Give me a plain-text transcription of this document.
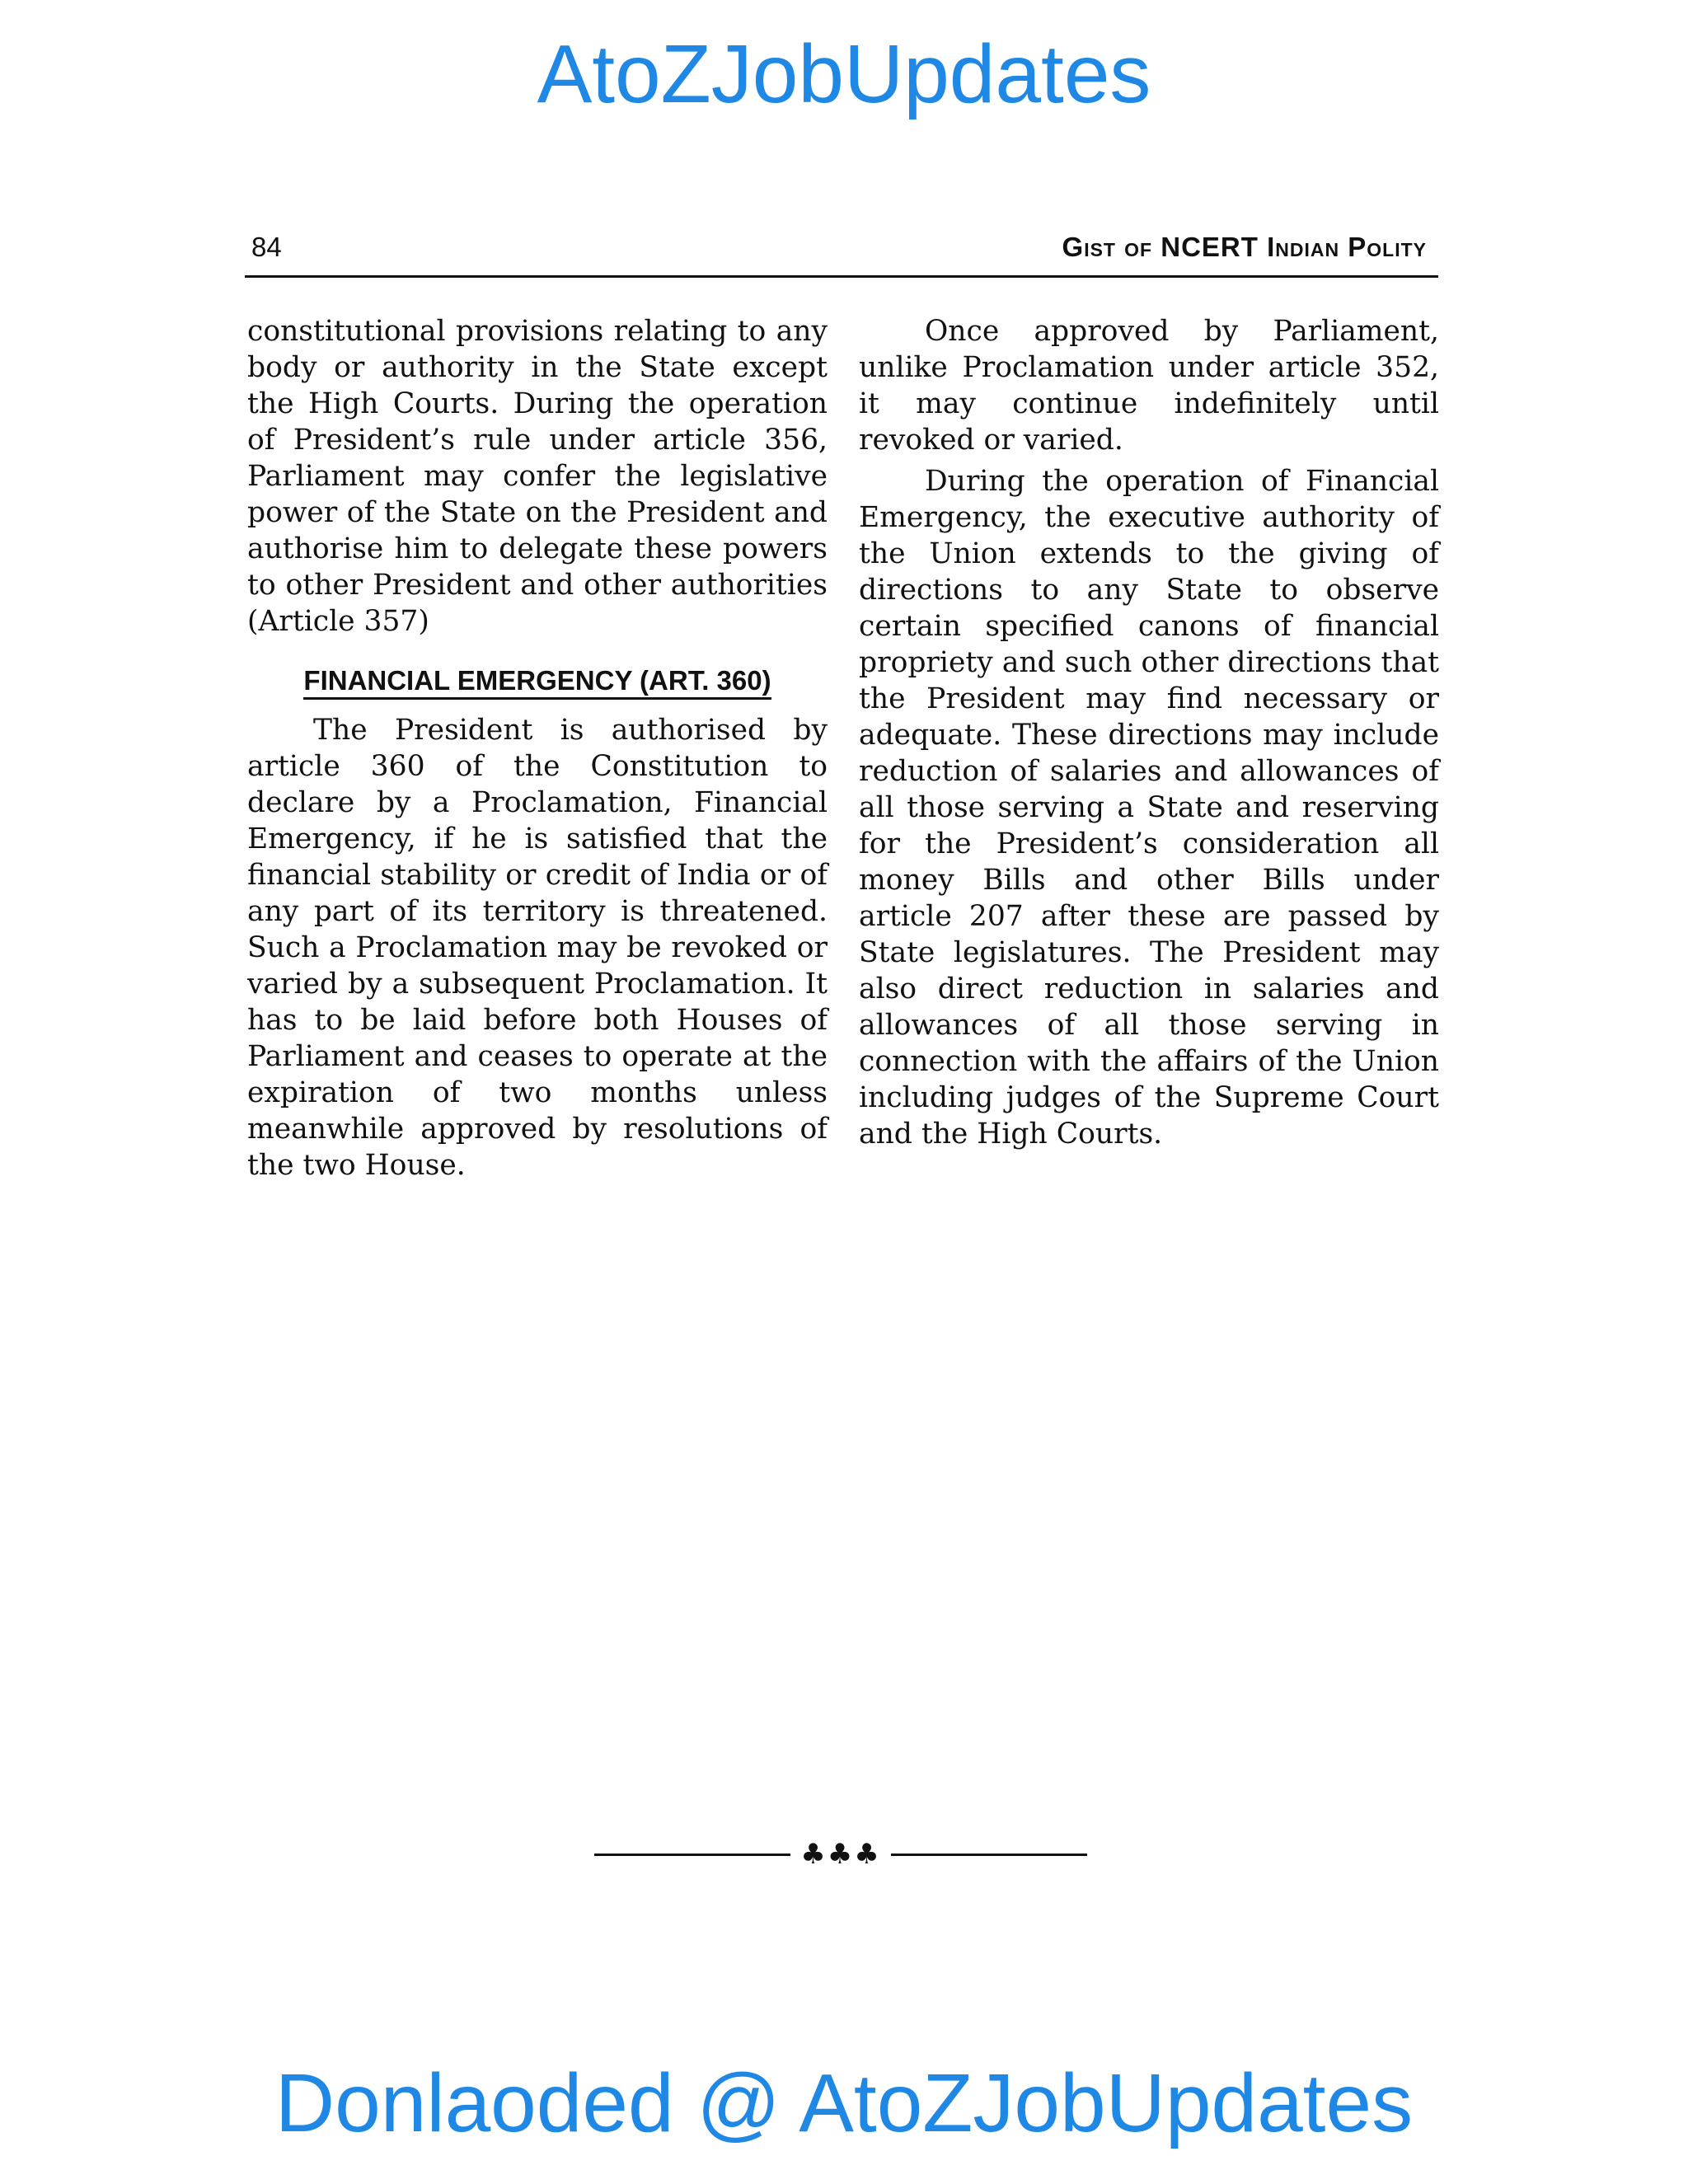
AtoZJobUpdates
84	Gist of NCERT Indian Polity

constitutional provisions relating to any body or authority in the State except the High Courts. During the operation of President’s rule under article 356, Parliament may confer the legislative power of the State on the President and authorise him to delegate these powers to other President and other authorities (Article 357)

FINANCIAL EMERGENCY (ART. 360)

The President is authorised by article 360 of the Constitution to declare by a Proclamation, Financial Emergency, if he is satisfied that the financial stability or credit of India or of any part of its territory is threatened. Such a Proclamation may be revoked or varied by a subsequent Proclamation. It has to be laid before both Houses of Parliament and ceases to operate at the expiration of two months unless meanwhile approved by resolutions of the two House.

Once approved by Parliament, unlike Proclamation under article 352, it may continue indefinitely until revoked or varied.

During the operation of Financial Emergency, the executive authority of the Union extends to the giving of directions to any State to observe certain specified canons of financial propriety and such other directions that the President may find necessary or adequate. These directions may include reduction of salaries and allowances of all those serving a State and reserving for the President’s consideration all money Bills and other Bills under article 207 after these are passed by State legislatures. The President may also direct reduction in salaries and allowances of all those serving in connection with the affairs of the Union including judges of the Supreme Court and the High Courts.

♣♣♣
Donlaoded @ AtoZJobUpdates
